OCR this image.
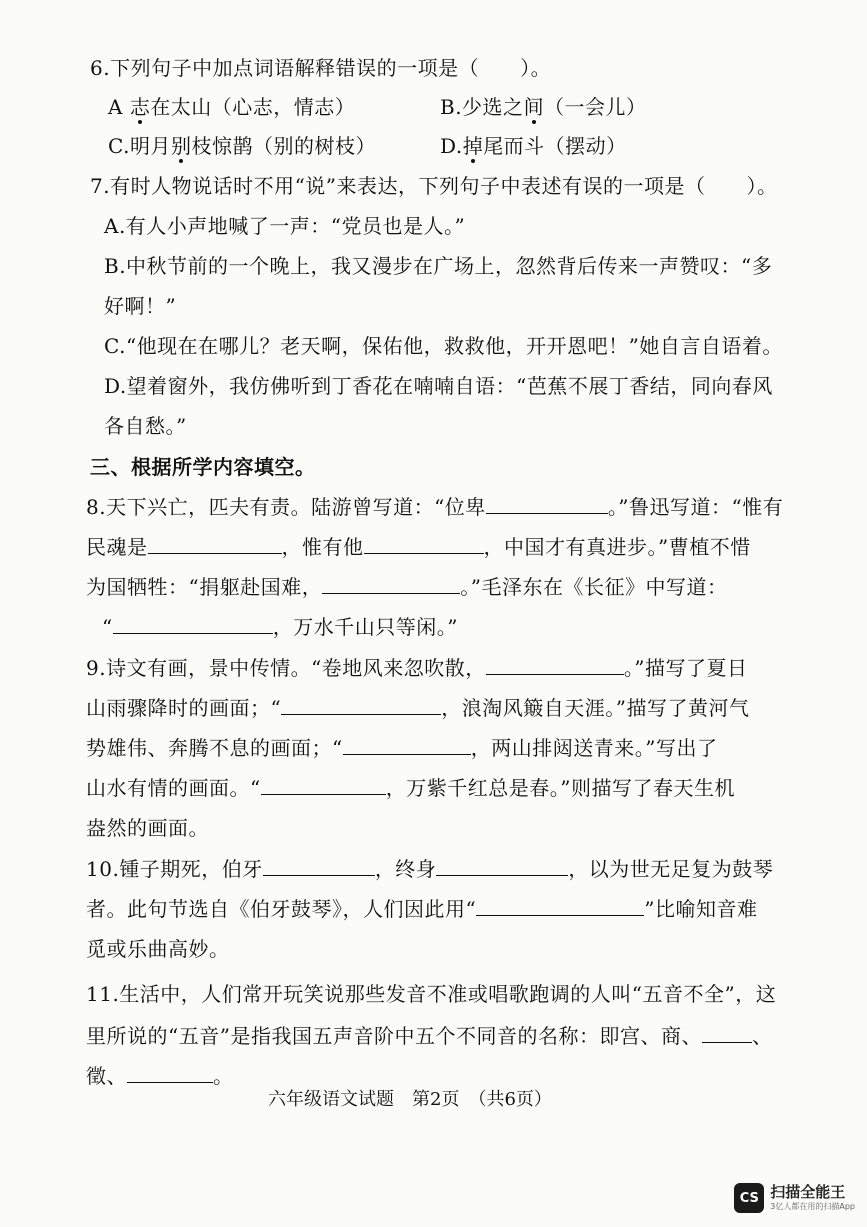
6.下列句子中加点词语解释错误的一项是（　　）。
A 志在太山（心志，情志）	B.少选之间（一会儿）
C.明月别枝惊鹊（别的树枝）	D.掉尾而斗（摆动）
7.有时人物说话时不用“说”来表达，下列句子中表述有误的一项是（　　）。
A.有人小声地喊了一声：“党员也是人。”
B.中秋节前的一个晚上，我又漫步在广场上，忽然背后传来一声赞叹：“多
好啊！”
C.“他现在在哪儿？老天啊，保佑他，救救他，开开恩吧！”她自言自语着。
D.望着窗外，我仿佛听到丁香花在喃喃自语：“芭蕉不展丁香结，同向春风
各自愁。”
三、根据所学内容填空。
8.天下兴亡，匹夫有责。陆游曾写道：“位卑	。”鲁迅写道：“惟有
民魂是	，惟有他	，中国才有真进步。”曹植不惜
为国牺牲：“捐躯赴国难，	。”毛泽东在《长征》中写道：
“	，万水千山只等闲。”
9.诗文有画，景中传情。“卷地风来忽吹散，	。”描写了夏日
山雨骤降时的画面；“	，浪淘风簸自天涯。”描写了黄河气
势雄伟、奔腾不息的画面；“	，两山排闼送青来。”写出了
山水有情的画面。“	，万紫千红总是春。”则描写了春天生机
盎然的画面。
10.锺子期死，伯牙	，终身	，以为世无足复为鼓琴
者。此句节选自《伯牙鼓琴》，人们因此用“	”比喻知音难
觅或乐曲高妙。
11.生活中，人们常开玩笑说那些发音不准或唱歌跑调的人叫“五音不全”，这
里所说的“五音”是指我国五声音阶中五个不同音的名称：即宫、商、	、
徵、	。
六年级语文试题　第2页　（共6页）
CS 扫描全能王
3亿人都在用的扫描App
